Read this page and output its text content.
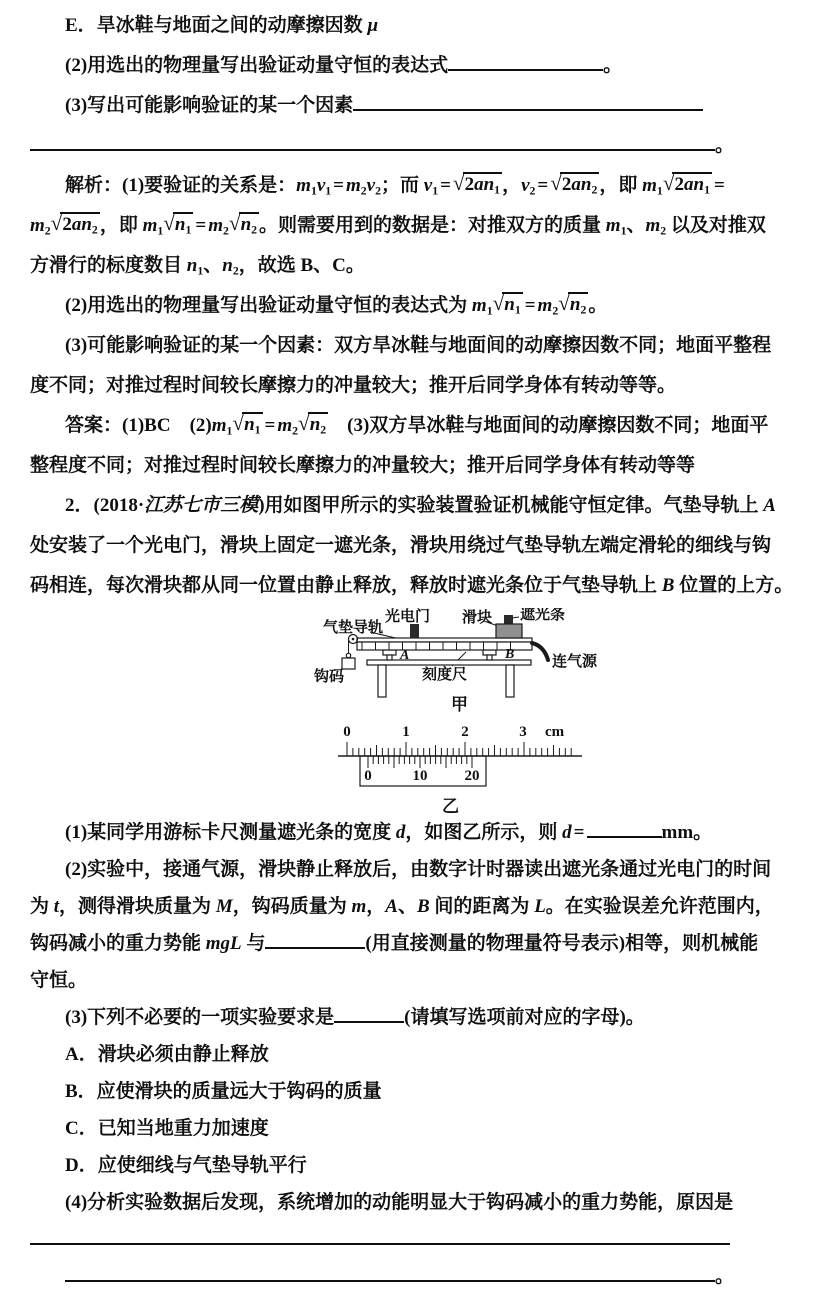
E．旱冰鞋与地面之间的动摩擦因数 μ
(2)用选出的物理量写出验证动量守恒的表达式	。
(3)写出可能影响验证的某一个因素
。
解析：(1)要验证的关系是：$m_1v_1 = m_2v_2$；而 $v_1$ = √ $2an_1$ ，$v_2$ = √ $2an_2$ ，即 $m_1$ √ $2an_1$ =
$m_2$ √ $2an_2$ ，即 $m_1$ √ $n_1 = m_2$ √ $n_2$ 。则需要用到的数据是：对推双方的质量 $m_1$、$m_2$ 以及对推双
方滑行的标度数目 $n_1$、$n_2$，故选 B、C。
(2)用选出的物理量写出验证动量守恒的表达式为 $m_1$ √ $n_1 = m_2$ √ $n_2$ 。
(3)可能影响验证的某一个因素：双方旱冰鞋与地面间的动摩擦因数不同；地面平整程
度不同；对推过程时间较长摩擦力的冲量较大；推开后同学身体有转动等等。
答案：(1)BC　$(2)m_1$ √ $n_1 = m_2$ √ $n_2$ 　(3)双方旱冰鞋与地面间的动摩擦因数不同；地面平
整程度不同；对推过程时间较长摩擦力的冲量较大；推开后同学身体有转动等等
2．(2018·江苏七市三模)用如图甲所示的实验装置验证机械能守恒定律。气垫导轨上 A
处安装了一个光电门，滑块上固定一遮光条，滑块用绕过气垫导轨左端定滑轮的细线与钩
码相连，每次滑块都从同一位置由静止释放，释放时遮光条位于气垫导轨上 B 位置的上方。
气垫导轨
光电门 滑块 遮光条
A	B
钩码	刻度尺
连气源
甲
0	1	2	3 cm
0	10 20
乙
(1)某同学用游标卡尺测量遮光条的宽度 d，如图乙所示，则 d =	mm。
(2)实验中，接通气源，滑块静止释放后，由数字计时器读出遮光条通过光电门的时间
为 t，测得滑块质量为 M，钩码质量为 m，A、B 间的距离为 L。在实验误差允许范围内，
钩码减小的重力势能 mgL 与	(用直接测量的物理量符号表示)相等，则机械能
守恒。
(3)下列不必要的一项实验要求是	(请填写选项前对应的字母)。
A．滑块必须由静止释放
B．应使滑块的质量远大于钩码的质量
C．已知当地重力加速度
D．应使细线与气垫导轨平行
(4)分析实验数据后发现，系统增加的动能明显大于钩码减小的重力势能，原因是
。
